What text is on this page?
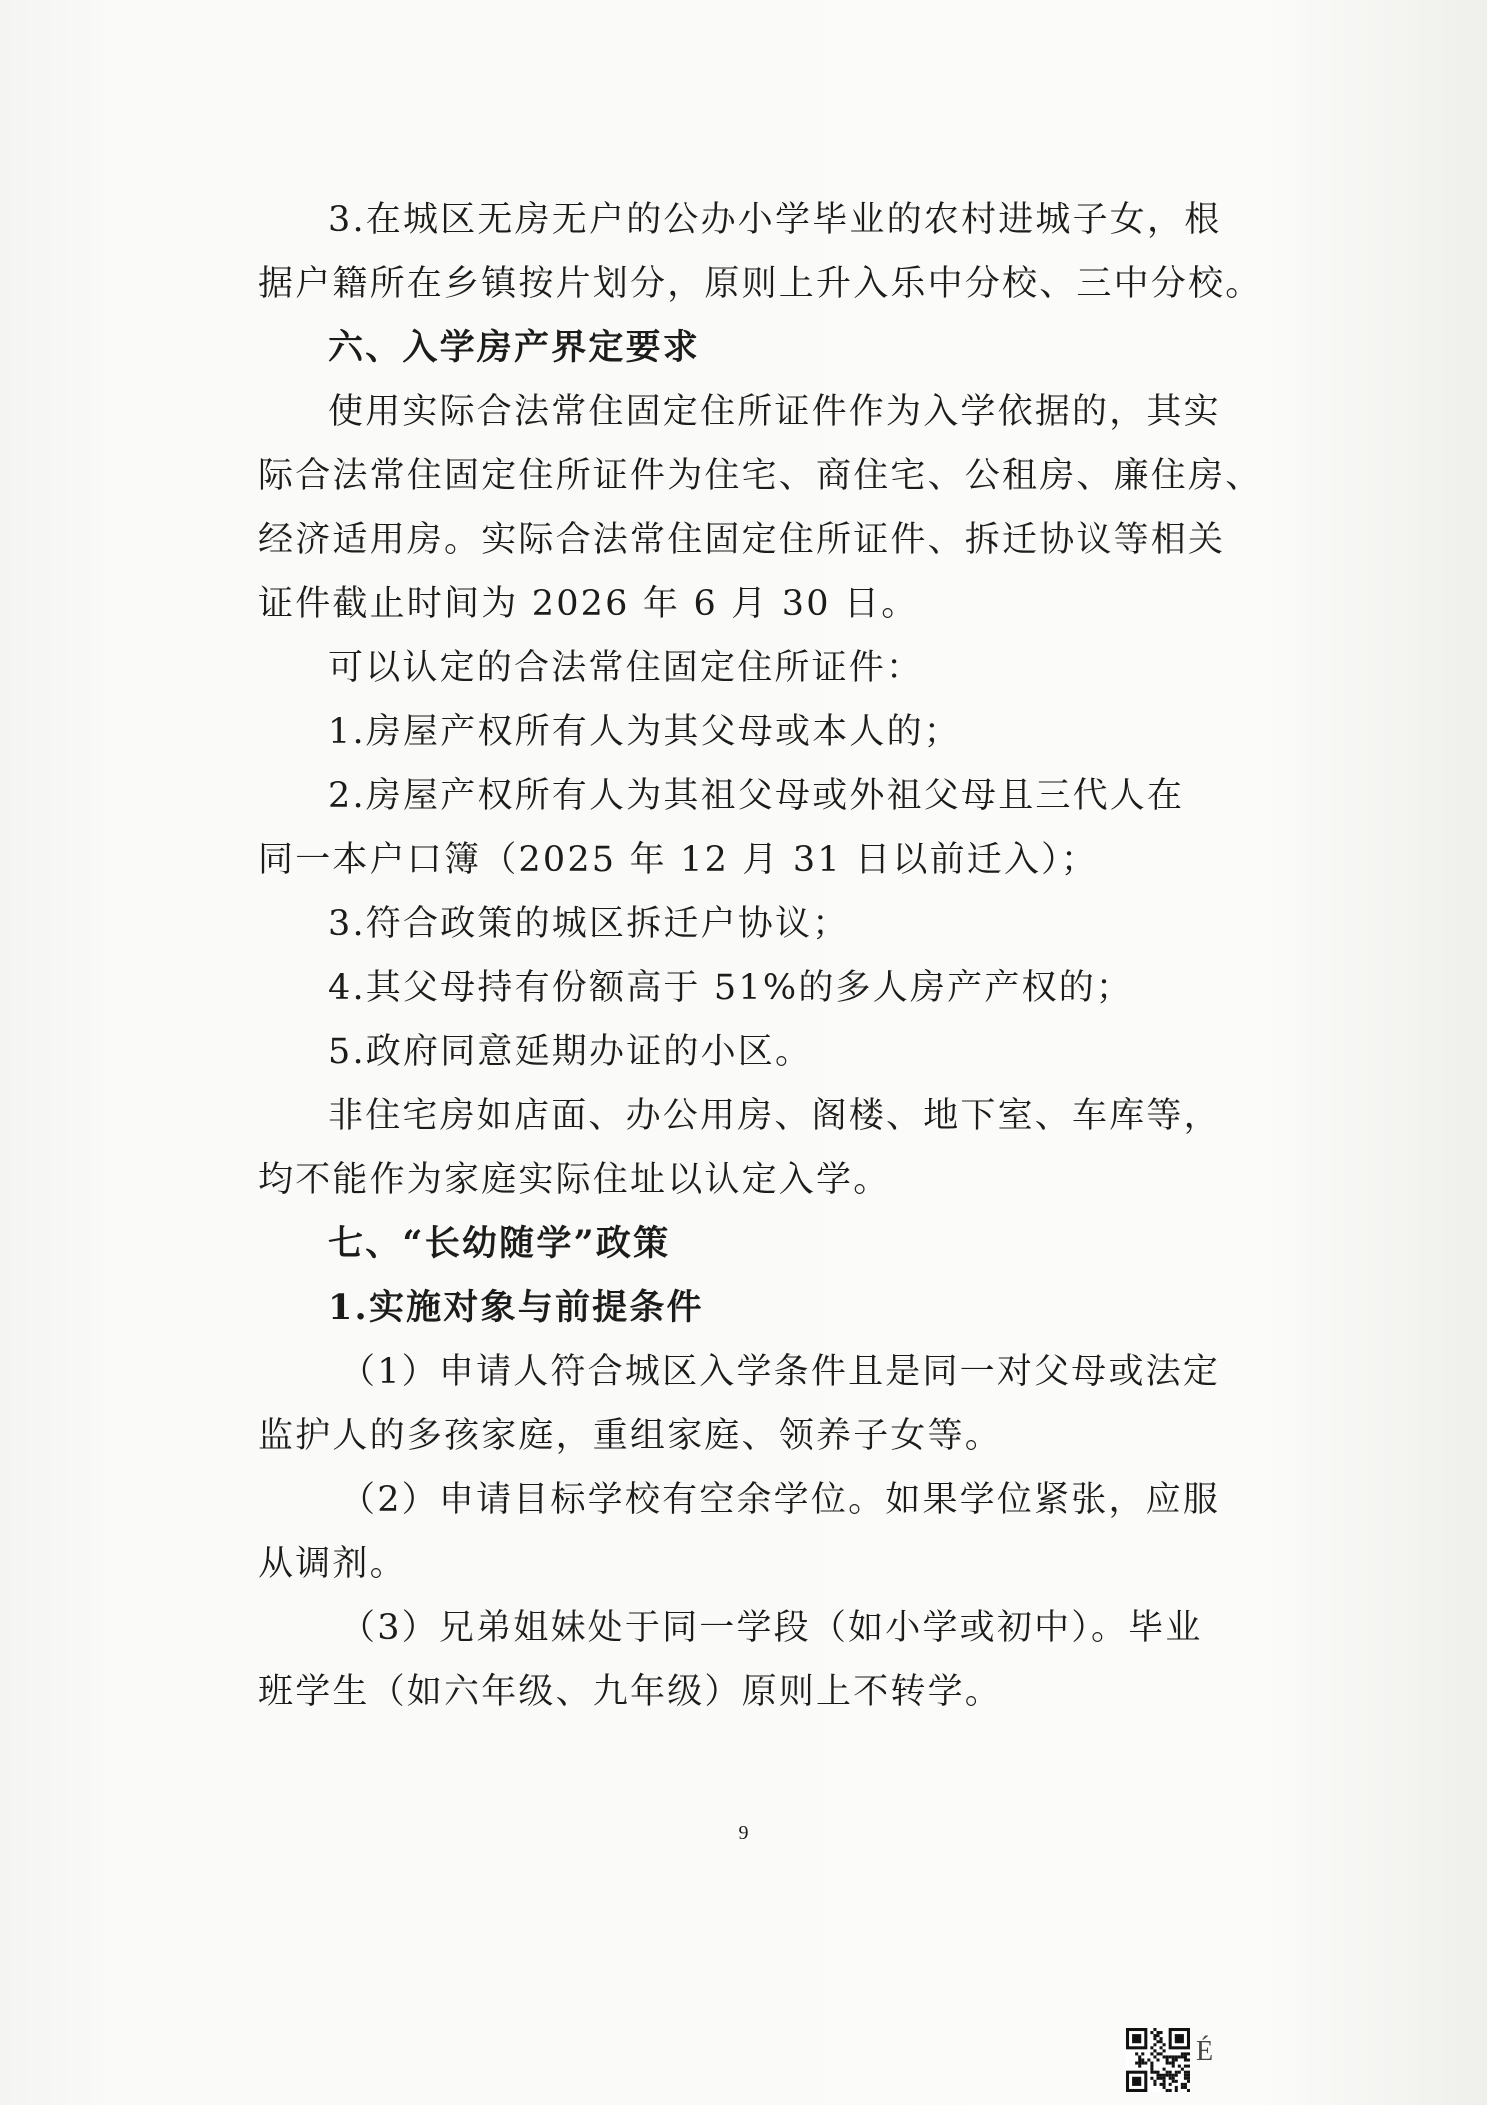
3.在城区无房无户的公办小学毕业的农村进城子女，根
据户籍所在乡镇按片划分，原则上升入乐中分校、三中分校。
六、入学房产界定要求
使用实际合法常住固定住所证件作为入学依据的，其实
际合法常住固定住所证件为住宅、商住宅、公租房、廉住房、
经济适用房。实际合法常住固定住所证件、拆迁协议等相关
证件截止时间为 2026 年 6 月 30 日。
可以认定的合法常住固定住所证件：
1.房屋产权所有人为其父母或本人的；
2.房屋产权所有人为其祖父母或外祖父母且三代人在
同一本户口簿（2025 年 12 月 31 日以前迁入）；
3.符合政策的城区拆迁户协议；
4.其父母持有份额高于 51%的多人房产产权的；
5.政府同意延期办证的小区。
非住宅房如店面、办公用房、阁楼、地下室、车库等，
均不能作为家庭实际住址以认定入学。
七、“长幼随学”政策
1.实施对象与前提条件
（1）申请人符合城区入学条件且是同一对父母或法定
监护人的多孩家庭，重组家庭、领养子女等。
（2）申请目标学校有空余学位。如果学位紧张，应服
从调剂。
（3）兄弟姐妹处于同一学段（如小学或初中）。毕业
班学生（如六年级、九年级）原则上不转学。
9
É
